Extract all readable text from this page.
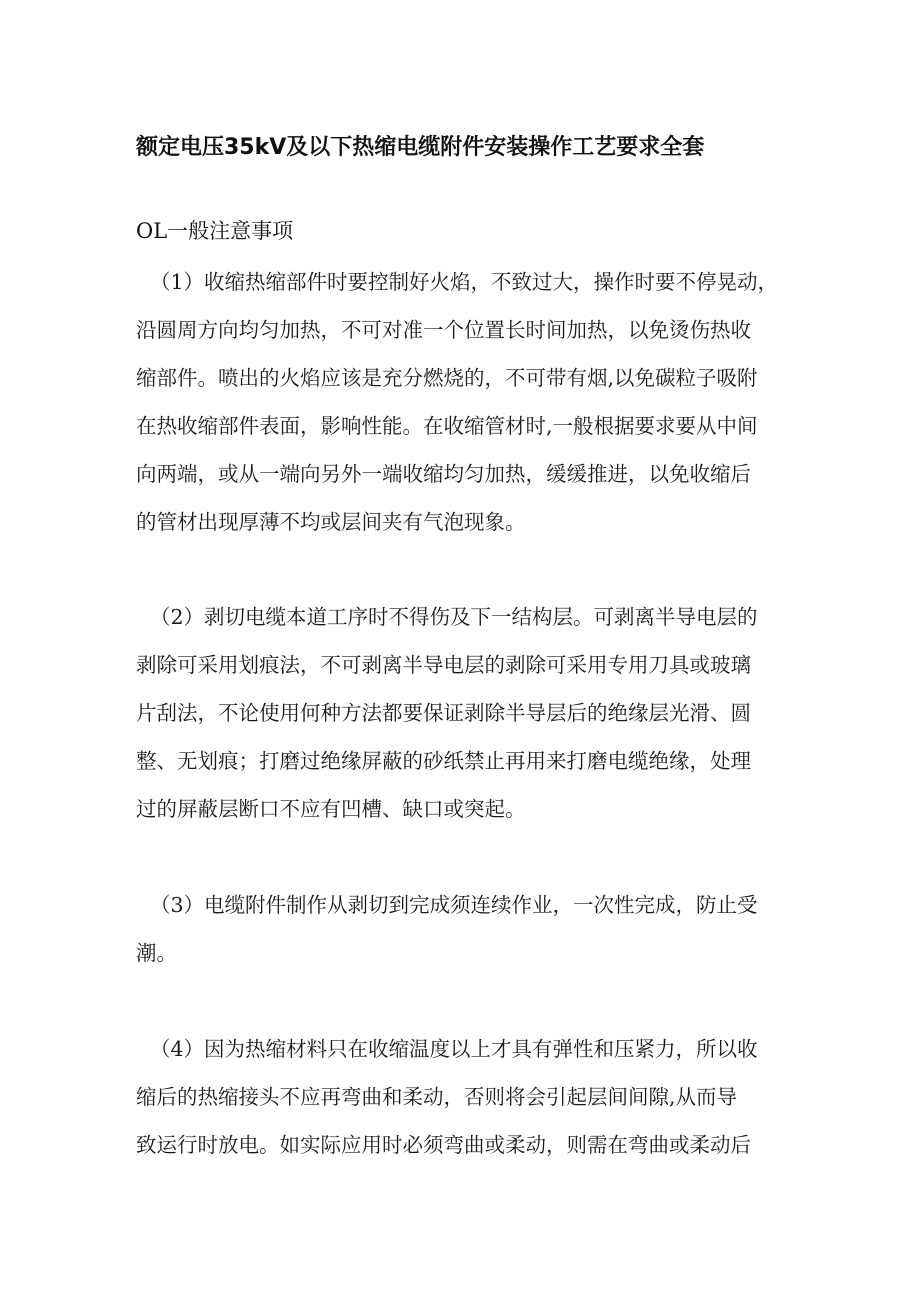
额定电压35kV及以下热缩电缆附件安装操作工艺要求全套
OL一般注意事项
（1）收缩热缩部件时要控制好火焰，不致过大，操作时要不停晃动，
沿圆周方向均匀加热，不可对准一个位置长时间加热，以免烫伤热收
缩部件。喷出的火焰应该是充分燃烧的，不可带有烟,以免碳粒子吸附
在热收缩部件表面，影响性能。在收缩管材时,一般根据要求要从中间
向两端，或从一端向另外一端收缩均匀加热，缓缓推进，以免收缩后
的管材出现厚薄不均或层间夹有气泡现象。
（2）剥切电缆本道工序时不得伤及下一结构层。可剥离半导电层的
剥除可采用划痕法，不可剥离半导电层的剥除可采用专用刀具或玻璃
片刮法，不论使用何种方法都要保证剥除半导层后的绝缘层光滑、圆
整、无划痕；打磨过绝缘屏蔽的砂纸禁止再用来打磨电缆绝缘，处理
过的屏蔽层断口不应有凹槽、缺口或突起。
（3）电缆附件制作从剥切到完成须连续作业，一次性完成，防止受
潮。
（4）因为热缩材料只在收缩温度以上才具有弹性和压紧力，所以收
缩后的热缩接头不应再弯曲和柔动，否则将会引起层间间隙,从而导
致运行时放电。如实际应用时必须弯曲或柔动，则需在弯曲或柔动后
